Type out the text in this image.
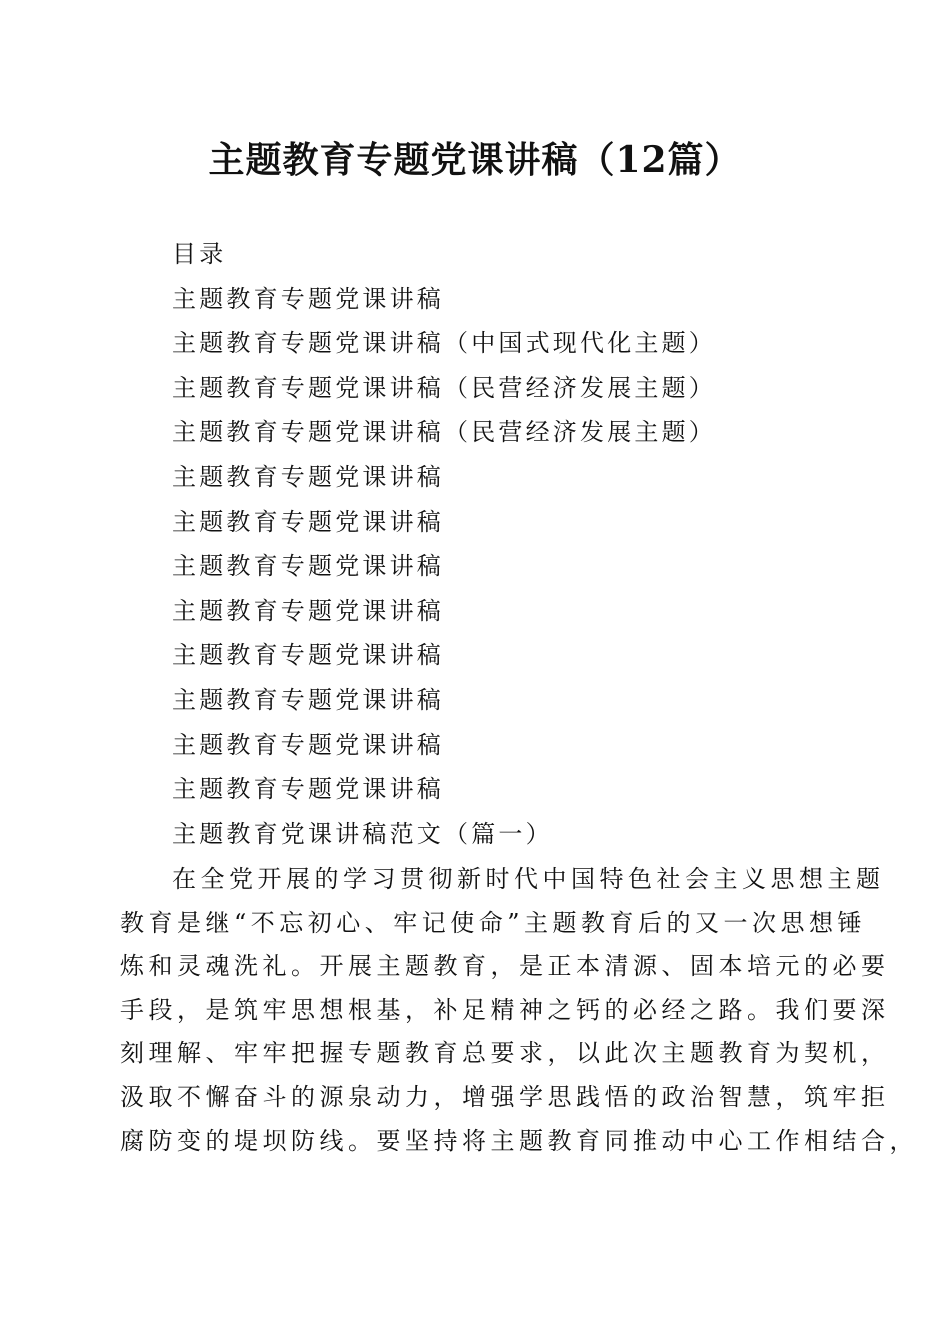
主题教育专题党课讲稿（12篇）
目录
主题教育专题党课讲稿
主题教育专题党课讲稿（中国式现代化主题）
主题教育专题党课讲稿（民营经济发展主题）
主题教育专题党课讲稿（民营经济发展主题）
主题教育专题党课讲稿
主题教育专题党课讲稿
主题教育专题党课讲稿
主题教育专题党课讲稿
主题教育专题党课讲稿
主题教育专题党课讲稿
主题教育专题党课讲稿
主题教育专题党课讲稿
主题教育党课讲稿范文（篇一）
在全党开展的学习贯彻新时代中国特色社会主义思想主题
教育是继“不忘初心、牢记使命”主题教育后的又一次思想锤
炼和灵魂洗礼。开展主题教育，是正本清源、固本培元的必要
手段，是筑牢思想根基，补足精神之钙的必经之路。我们要深
刻理解、牢牢把握专题教育总要求，以此次主题教育为契机，
汲取不懈奋斗的源泉动力，增强学思践悟的政治智慧，筑牢拒
腐防变的堤坝防线。要坚持将主题教育同推动中心工作相结合，
